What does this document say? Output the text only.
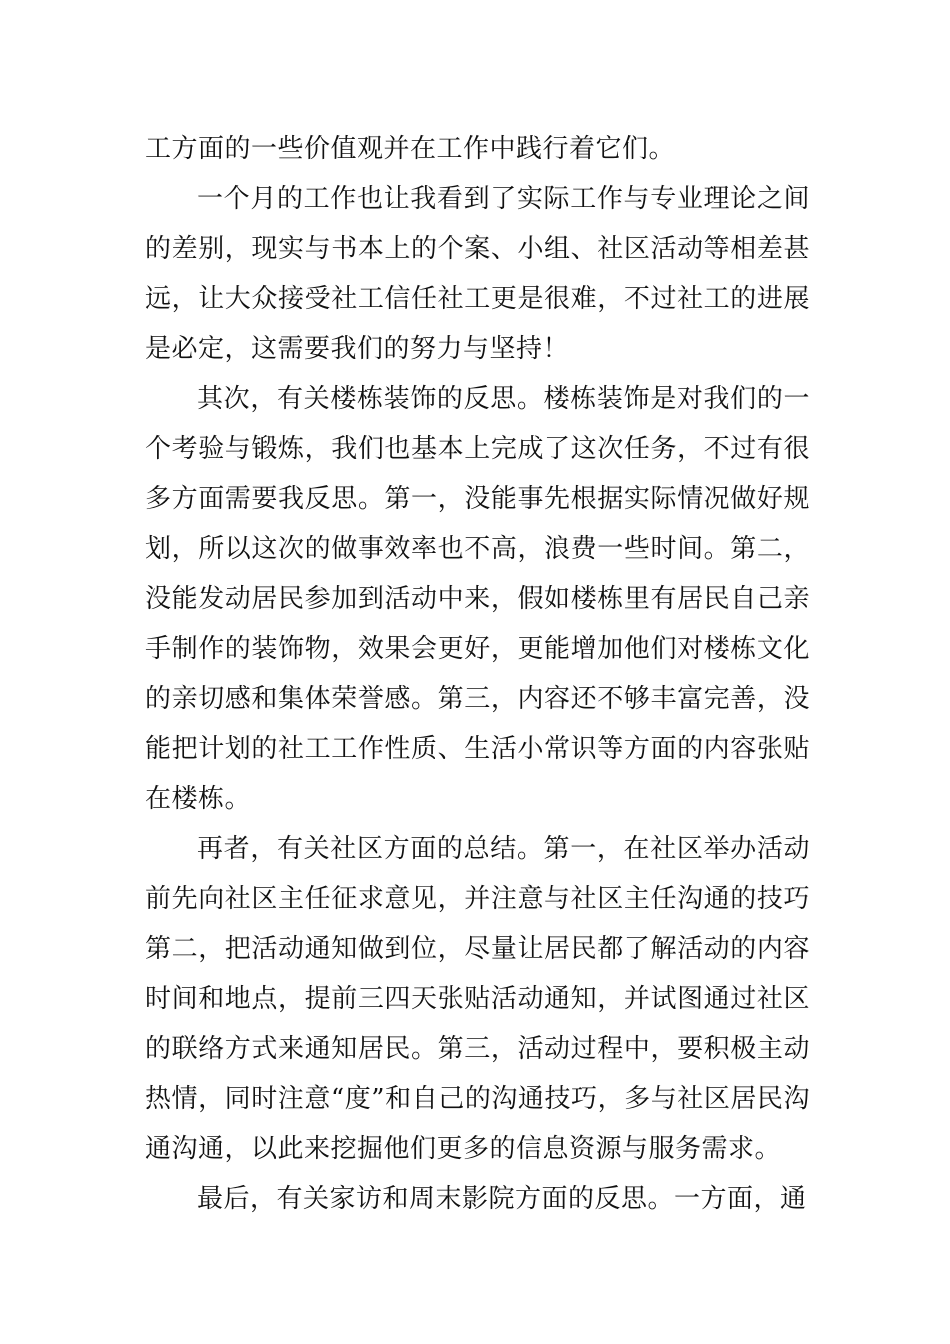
工方面的一些价值观并在工作中践行着它们。

一个月的工作也让我看到了实际工作与专业理论之间的差别，现实与书本上的个案、小组、社区活动等相差甚远，让大众接受社工信任社工更是很难，不过社工的进展是必定，这需要我们的努力与坚持！

其次，有关楼栋装饰的反思。楼栋装饰是对我们的一个考验与锻炼，我们也基本上完成了这次任务，不过有很多方面需要我反思。第一，没能事先根据实际情况做好规划，所以这次的做事效率也不高，浪费一些时间。第二，没能发动居民参加到活动中来，假如楼栋里有居民自己亲手制作的装饰物，效果会更好，更能增加他们对楼栋文化的亲切感和集体荣誉感。第三，内容还不够丰富完善，没能把计划的社工工作性质、生活小常识等方面的内容张贴在楼栋。

再者，有关社区方面的总结。第一，在社区举办活动前先向社区主任征求意见，并注意与社区主任沟通的技巧第二，把活动通知做到位，尽量让居民都了解活动的内容时间和地点，提前三四天张贴活动通知，并试图通过社区的联络方式来通知居民。第三，活动过程中，要积极主动热情，同时注意“度”和自己的沟通技巧，多与社区居民沟通沟通，以此来挖掘他们更多的信息资源与服务需求。

最后，有关家访和周末影院方面的反思。一方面，通
